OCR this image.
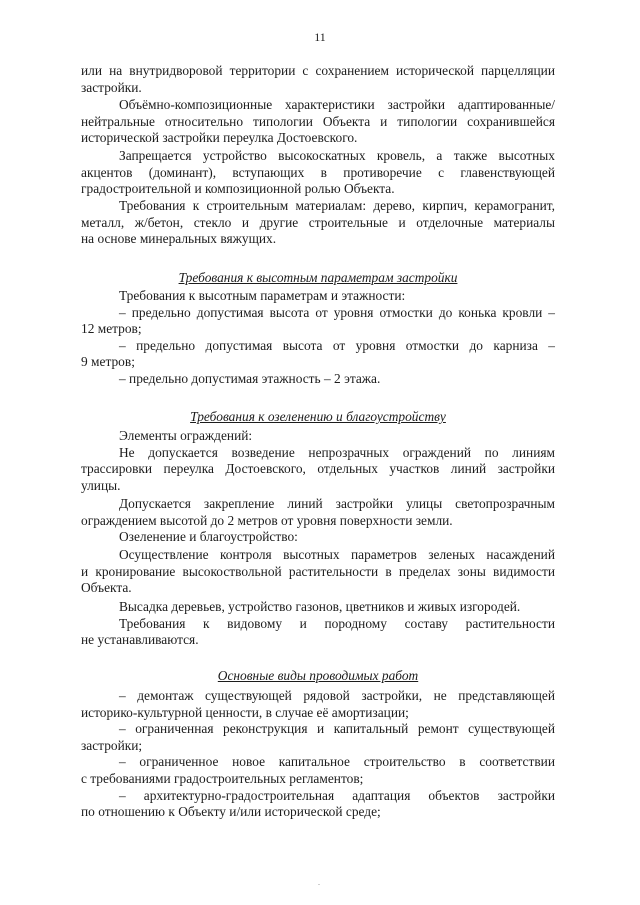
11
или на внутридворовой территории с сохранением исторической парцелляции
застройки.
Объёмно-композиционные характеристики застройки адаптированные/
нейтральные относительно типологии Объекта и типологии сохранившейся
исторической застройки переулка Достоевского.
Запрещается устройство высокоскатных кровель, а также высотных
акцентов (доминант), вступающих в противоречие с главенствующей
градостроительной и композиционной ролью Объекта.
Требования к строительным материалам: дерево, кирпич, керамогранит,
металл, ж/бетон, стекло и другие строительные и отделочные материалы
на основе минеральных вяжущих.
Требования к высотным параметрам застройки
Требования к высотным параметрам и этажности:
– предельно допустимая высота от уровня отмостки до конька кровли –
12 метров;
– предельно допустимая высота от уровня отмостки до карниза –
9 метров;
– предельно допустимая этажность – 2 этажа.
Требования к озеленению и благоустройству
Элементы ограждений:
Не допускается возведение непрозрачных ограждений по линиям
трассировки переулка Достоевского, отдельных участков линий застройки
улицы.
Допускается закрепление линий застройки улицы светопрозрачным
ограждением высотой до 2 метров от уровня поверхности земли.
Озеленение и благоустройство:
Осуществление контроля высотных параметров зеленых насаждений
и кронирование высокоствольной растительности в пределах зоны видимости
Объекта.
Высадка деревьев, устройство газонов, цветников и живых изгородей.
Требования к видовому и породному составу растительности
не устанавливаются.
Основные виды проводимых работ
– демонтаж существующей рядовой застройки, не представляющей
историко-культурной ценности, в случае её амортизации;
– ограниченная реконструкция и капитальный ремонт существующей
застройки;
– ограниченное новое капитальное строительство в соответствии
с требованиями градостроительных регламентов;
– архитектурно-градостроительная адаптация объектов застройки
по отношению к Объекту и/или исторической среде;
